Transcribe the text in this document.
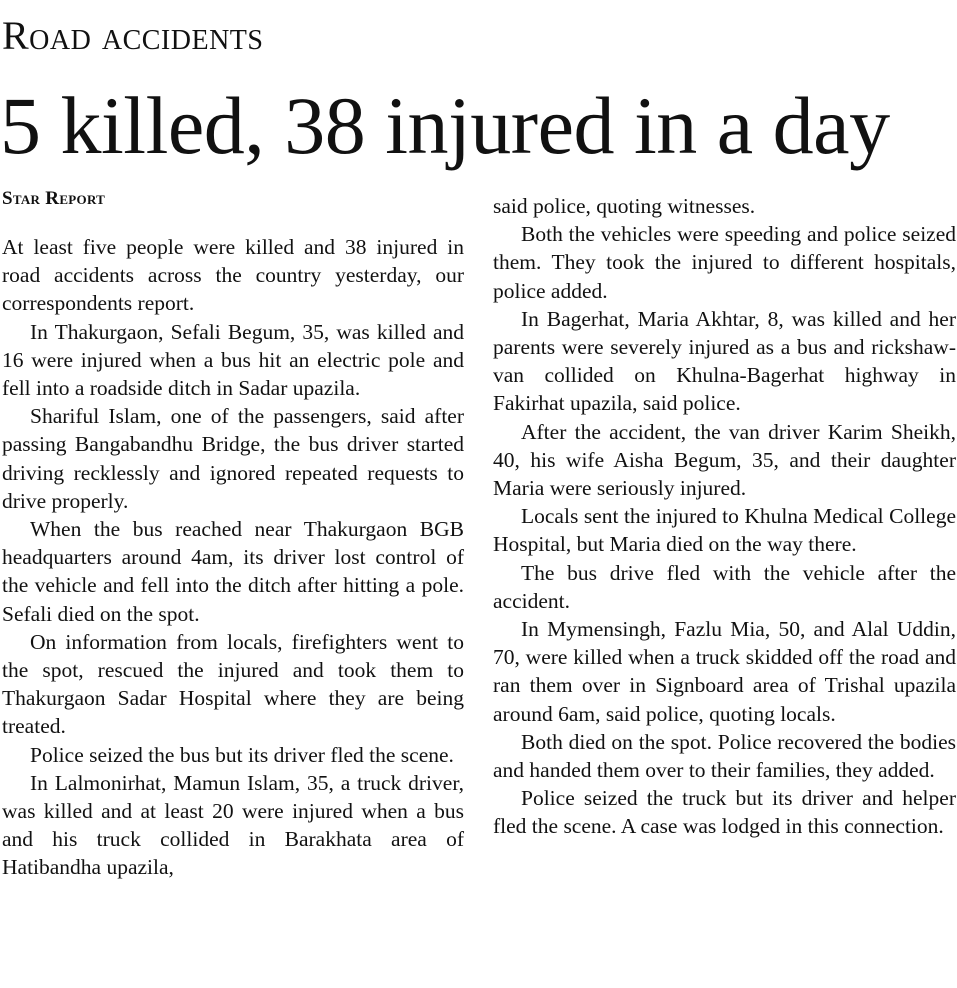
Road accidents
5 killed, 38 injured in a day
Star Report

At least five people were killed and 38 injured in road accidents across the country yesterday, our correspondents report.

In Thakurgaon, Sefali Begum, 35, was killed and 16 were injured when a bus hit an electric pole and fell into a roadside ditch in Sadar upazila.

Shariful Islam, one of the passengers, said after passing Bangabandhu Bridge, the bus driver started driving recklessly and ignored repeated requests to drive properly.

When the bus reached near Thakurgaon BGB headquarters around 4am, its driver lost control of the vehicle and fell into the ditch after hitting a pole. Sefali died on the spot.

On information from locals, firefighters went to the spot, rescued the injured and took them to Thakurgaon Sadar Hospital where they are being treated.

Police seized the bus but its driver fled the scene.

In Lalmonirhat, Mamun Islam, 35, a truck driver, was killed and at least 20 were injured when a bus and his truck collided in Barakhata area of Hatibandha upazila,

said police, quoting witnesses.

Both the vehicles were speeding and police seized them. They took the injured to different hospitals, police added.

In Bagerhat, Maria Akhtar, 8, was killed and her parents were severely injured as a bus and rickshaw-van collided on Khulna-Bagerhat highway in Fakirhat upazila, said police.

After the accident, the van driver Karim Sheikh, 40, his wife Aisha Begum, 35, and their daughter Maria were seriously injured.

Locals sent the injured to Khulna Medical College Hospital, but Maria died on the way there.

The bus drive fled with the vehicle after the accident.

In Mymensingh, Fazlu Mia, 50, and Alal Uddin, 70, were killed when a truck skidded off the road and ran them over in Signboard area of Trishal upazila around 6am, said police, quoting locals.

Both died on the spot. Police recovered the bodies and handed them over to their families, they added.

Police seized the truck but its driver and helper fled the scene. A case was lodged in this connection.
